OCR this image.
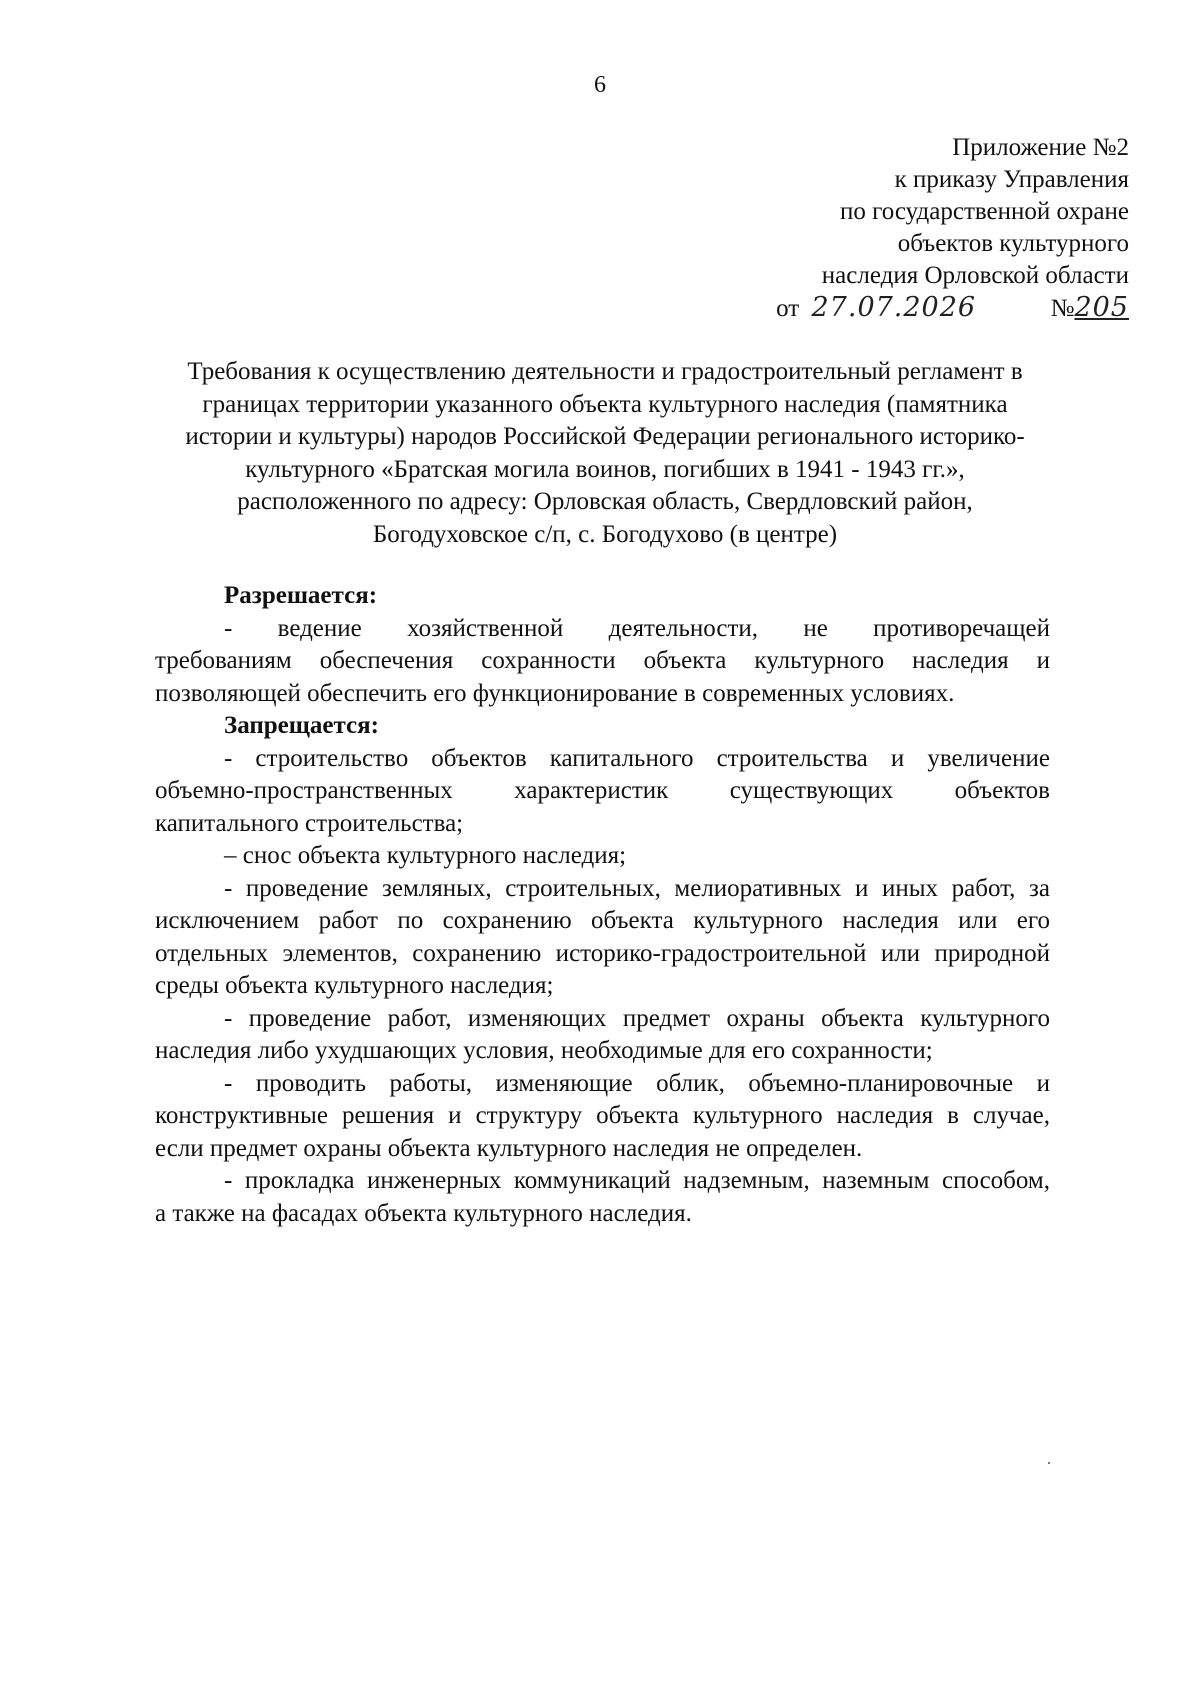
6
Приложение №2
к приказу Управления
по государственной охране
объектов культурного
наследия Орловской области
от 27.07.2026	№205
Требования к осуществлению деятельности и градостроительный регламент в
границах территории указанного объекта культурного наследия (памятника
истории и культуры) народов Российской Федерации регионального историко-
культурного «Братская могила воинов, погибших в 1941 - 1943 гг.»,
расположенного по адресу: Орловская область, Свердловский район,
Богодуховское с/п, с. Богодухово (в центре)
Разрешается:
- ведение хозяйственной деятельности, не противоречащей
требованиям обеспечения сохранности объекта культурного наследия и
позволяющей обеспечить его функционирование в современных условиях.
Запрещается:
- строительство объектов капитального строительства и увеличение
объемно-пространственных характеристик существующих объектов
капитального строительства;
– снос объекта культурного наследия;
- проведение земляных, строительных, мелиоративных и иных работ, за
исключением работ по сохранению объекта культурного наследия или его
отдельных элементов, сохранению историко-градостроительной или природной
среды объекта культурного наследия;
- проведение работ, изменяющих предмет охраны объекта культурного
наследия либо ухудшающих условия, необходимые для его сохранности;
- проводить работы, изменяющие облик, объемно-планировочные и
конструктивные решения и структуру объекта культурного наследия в случае,
если предмет охраны объекта культурного наследия не определен.
- прокладка инженерных коммуникаций надземным, наземным способом,
а также на фасадах объекта культурного наследия.
